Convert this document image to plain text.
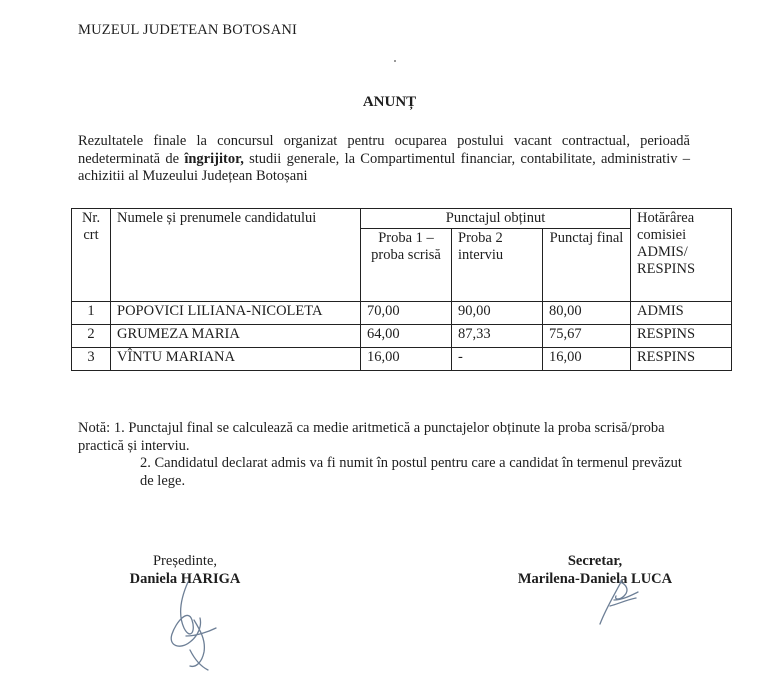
MUZEUL JUDETEAN BOTOSANI
ANUNȚ

Rezultatele finale la concursul organizat pentru ocuparea postului vacant contractual, perioadă nedeterminată de îngrijitor, studii generale, la Compartimentul financiar, contabilitate, administrativ – achizitii al Muzeului Județean Botoșani

Nr. crt	Numele și prenumele candidatului	Punctajul obținut			Hotărârea comisiei ADMIS/ RESPINS
		Proba 1 – proba scrisă	Proba 2 interviu	Punctaj final	
1	POPOVICI LILIANA-NICOLETA	70,00	90,00	80,00	ADMIS
2	GRUMEZA MARIA	64,00	87,33	75,67	RESPINS
3	VÎNTU MARIANA	16,00	-	16,00	RESPINS

Notă: 1. Punctajul final se calculează ca medie aritmetică a punctajelor obținute la proba scrisă/proba practică și interviu.

2. Candidatul declarat admis va fi numit în postul pentru care a candidat în termenul prevăzut de lege.

Președinte,
Daniela HARIGA
Secretar,
Marilena-Daniela LUCA
